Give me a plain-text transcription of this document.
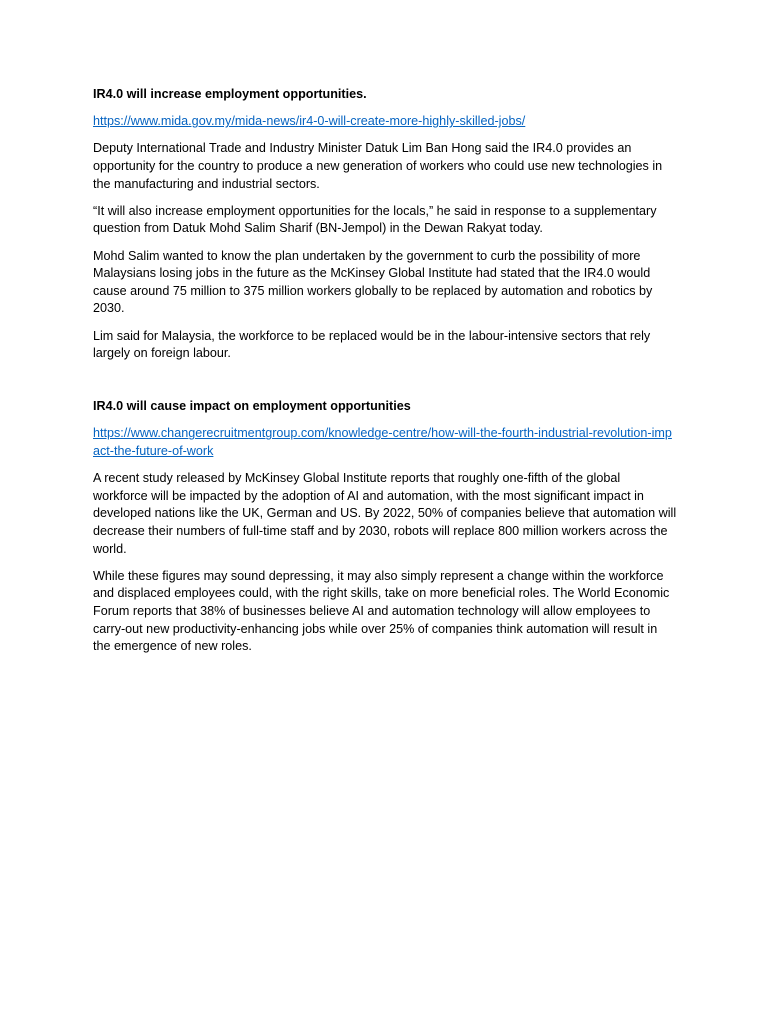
IR4.0 will increase employment opportunities.
https://www.mida.gov.my/mida-news/ir4-0-will-create-more-highly-skilled-jobs/

Deputy International Trade and Industry Minister Datuk Lim Ban Hong said the IR4.0 provides an opportunity for the country to produce a new generation of workers who could use new technologies in the manufacturing and industrial sectors.

“It will also increase employment opportunities for the locals,” he said in response to a supplementary question from Datuk Mohd Salim Sharif (BN-Jempol) in the Dewan Rakyat today.

Mohd Salim wanted to know the plan undertaken by the government to curb the possibility of more Malaysians losing jobs in the future as the McKinsey Global Institute had stated that the IR4.0 would cause around 75 million to 375 million workers globally to be replaced by automation and robotics by 2030.

Lim said for Malaysia, the workforce to be replaced would be in the labour-intensive sectors that rely largely on foreign labour.

IR4.0 will cause impact on employment opportunities
https://www.changerecruitmentgroup.com/knowledge-centre/how-will-the-fourth-industrial-revolution-impact-the-future-of-work

A recent study released by McKinsey Global Institute reports that roughly one-fifth of the global workforce will be impacted by the adoption of AI and automation, with the most significant impact in developed nations like the UK, German and US. By 2022, 50% of companies believe that automation will decrease their numbers of full-time staff and by 2030, robots will replace 800 million workers across the world.

While these figures may sound depressing, it may also simply represent a change within the workforce and displaced employees could, with the right skills, take on more beneficial roles. The World Economic Forum reports that 38% of businesses believe AI and automation technology will allow employees to carry-out new productivity-enhancing jobs while over 25% of companies think automation will result in the emergence of new roles.
